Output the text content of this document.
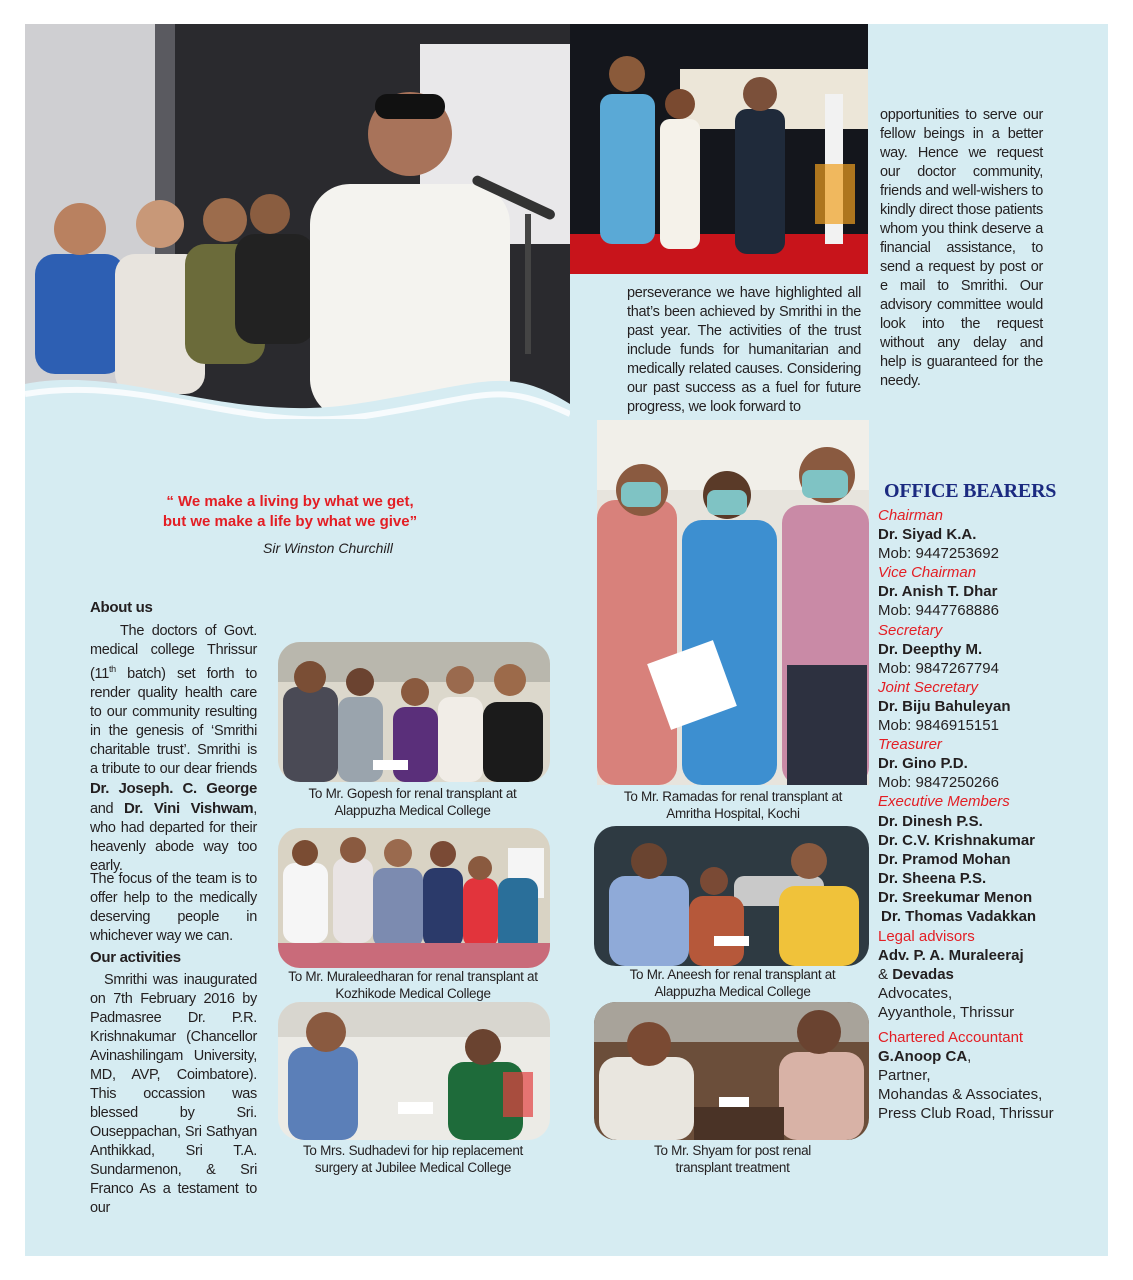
perseverance we have highlighted all that’s been achieved by Smrithi in the past year. The activities of the trust include funds for humanitarian and medically related causes. Considering our past success as a fuel for future progress, we look forward to
opportunities to serve our fellow beings in a better way. Hence we request our doctor community, friends and well-wishers to kindly direct those patients whom you think deserve a financial assistance, to send a request by post or e mail to Smrithi. Our advisory committee would look into the request without any delay and help is guaranteed for the needy.
“ We make a living by what we get,
but we make a life by what we give”
Sir Winston Churchill
About us
The doctors of Govt. medical college Thrissur (11th batch) set forth to render quality health care to our community resulting in the genesis of ‘Smrithi charitable trust’. Smrithi is a tribute to our dear friends Dr. Joseph. C. George and Dr. Vini Vishwam, who had departed for their heavenly abode way too early.
The focus of the team is to offer help to the medically deserving people in whichever way we can.
Our activities
Smrithi was inaugurated on 7th February 2016 by Padmasree Dr. P.R. Krishnakumar (Chancellor Avinashilingam University, MD, AVP, Coimbatore). This occassion was blessed by Sri. Ouseppachan, Sri Sathyan Anthikkad, Sri T.A. Sundarmenon, & Sri Franco As a testament to our
To Mr. Gopesh for renal transplant at Alappuzha Medical College
To Mr. Muraleedharan for renal transplant at Kozhikode Medical College
To Mrs. Sudhadevi for hip replacement surgery at Jubilee Medical College
To Mr. Ramadas for renal transplant at Amritha Hospital, Kochi
To Mr. Aneesh for renal transplant at Alappuzha Medical College
To Mr. Shyam for post renal transplant treatment
OFFICE BEARERS
Chairman
Dr. Siyad K.A.
Mob: 9447253692
Vice Chairman
Dr. Anish T. Dhar
Mob: 9447768886
Secretary
Dr. Deepthy M.
Mob: 9847267794
Joint Secretary
Dr. Biju Bahuleyan
Mob: 9846915151
Treasurer
Dr. Gino P.D.
Mob: 9847250266
Executive Members
Dr. Dinesh P.S.
Dr. C.V. Krishnakumar
Dr. Pramod Mohan
Dr. Sheena P.S.
Dr. Sreekumar Menon
Dr. Thomas Vadakkan
Legal advisors
Adv. P. A. Muraleeraj
& Devadas
Advocates,
Ayyanthole, Thrissur
Chartered Accountant
G.Anoop CA,
Partner,
Mohandas & Associates,
Press Club Road, Thrissur
